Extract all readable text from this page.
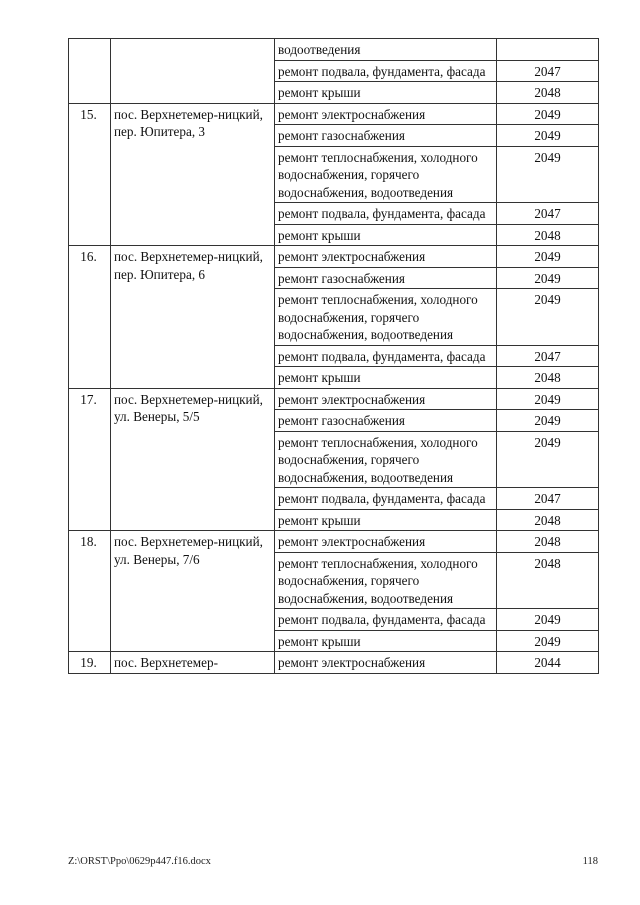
		водоотведения	
		ремонт подвала, фундамента, фасада	2047
		ремонт крыши	2048
15.	пос. Верхнетемер-ницкий, пер. Юпитера, 3	ремонт электроснабжения	2049
		ремонт газоснабжения	2049
		ремонт теплоснабжения, холодного водоснабжения, горячего водоснабжения, водоотведения	2049
		ремонт подвала, фундамента, фасада	2047
		ремонт крыши	2048
16.	пос. Верхнетемер-ницкий, пер. Юпитера, 6	ремонт электроснабжения	2049
		ремонт газоснабжения	2049
		ремонт теплоснабжения, холодного водоснабжения, горячего водоснабжения, водоотведения	2049
		ремонт подвала, фундамента, фасада	2047
		ремонт крыши	2048
17.	пос. Верхнетемер-ницкий, ул. Венеры, 5/5	ремонт электроснабжения	2049
		ремонт газоснабжения	2049
		ремонт теплоснабжения, холодного водоснабжения, горячего водоснабжения, водоотведения	2049
		ремонт подвала, фундамента, фасада	2047
		ремонт крыши	2048
18.	пос. Верхнетемер-ницкий, ул. Венеры, 7/6	ремонт электроснабжения	2048
		ремонт теплоснабжения, холодного водоснабжения, горячего водоснабжения, водоотведения	2048
		ремонт подвала, фундамента, фасада	2049
		ремонт крыши	2049
19.	пос. Верхнетемер-	ремонт электроснабжения	2044
Z:\ORST\Ppo\0629p447.f16.docx	118
